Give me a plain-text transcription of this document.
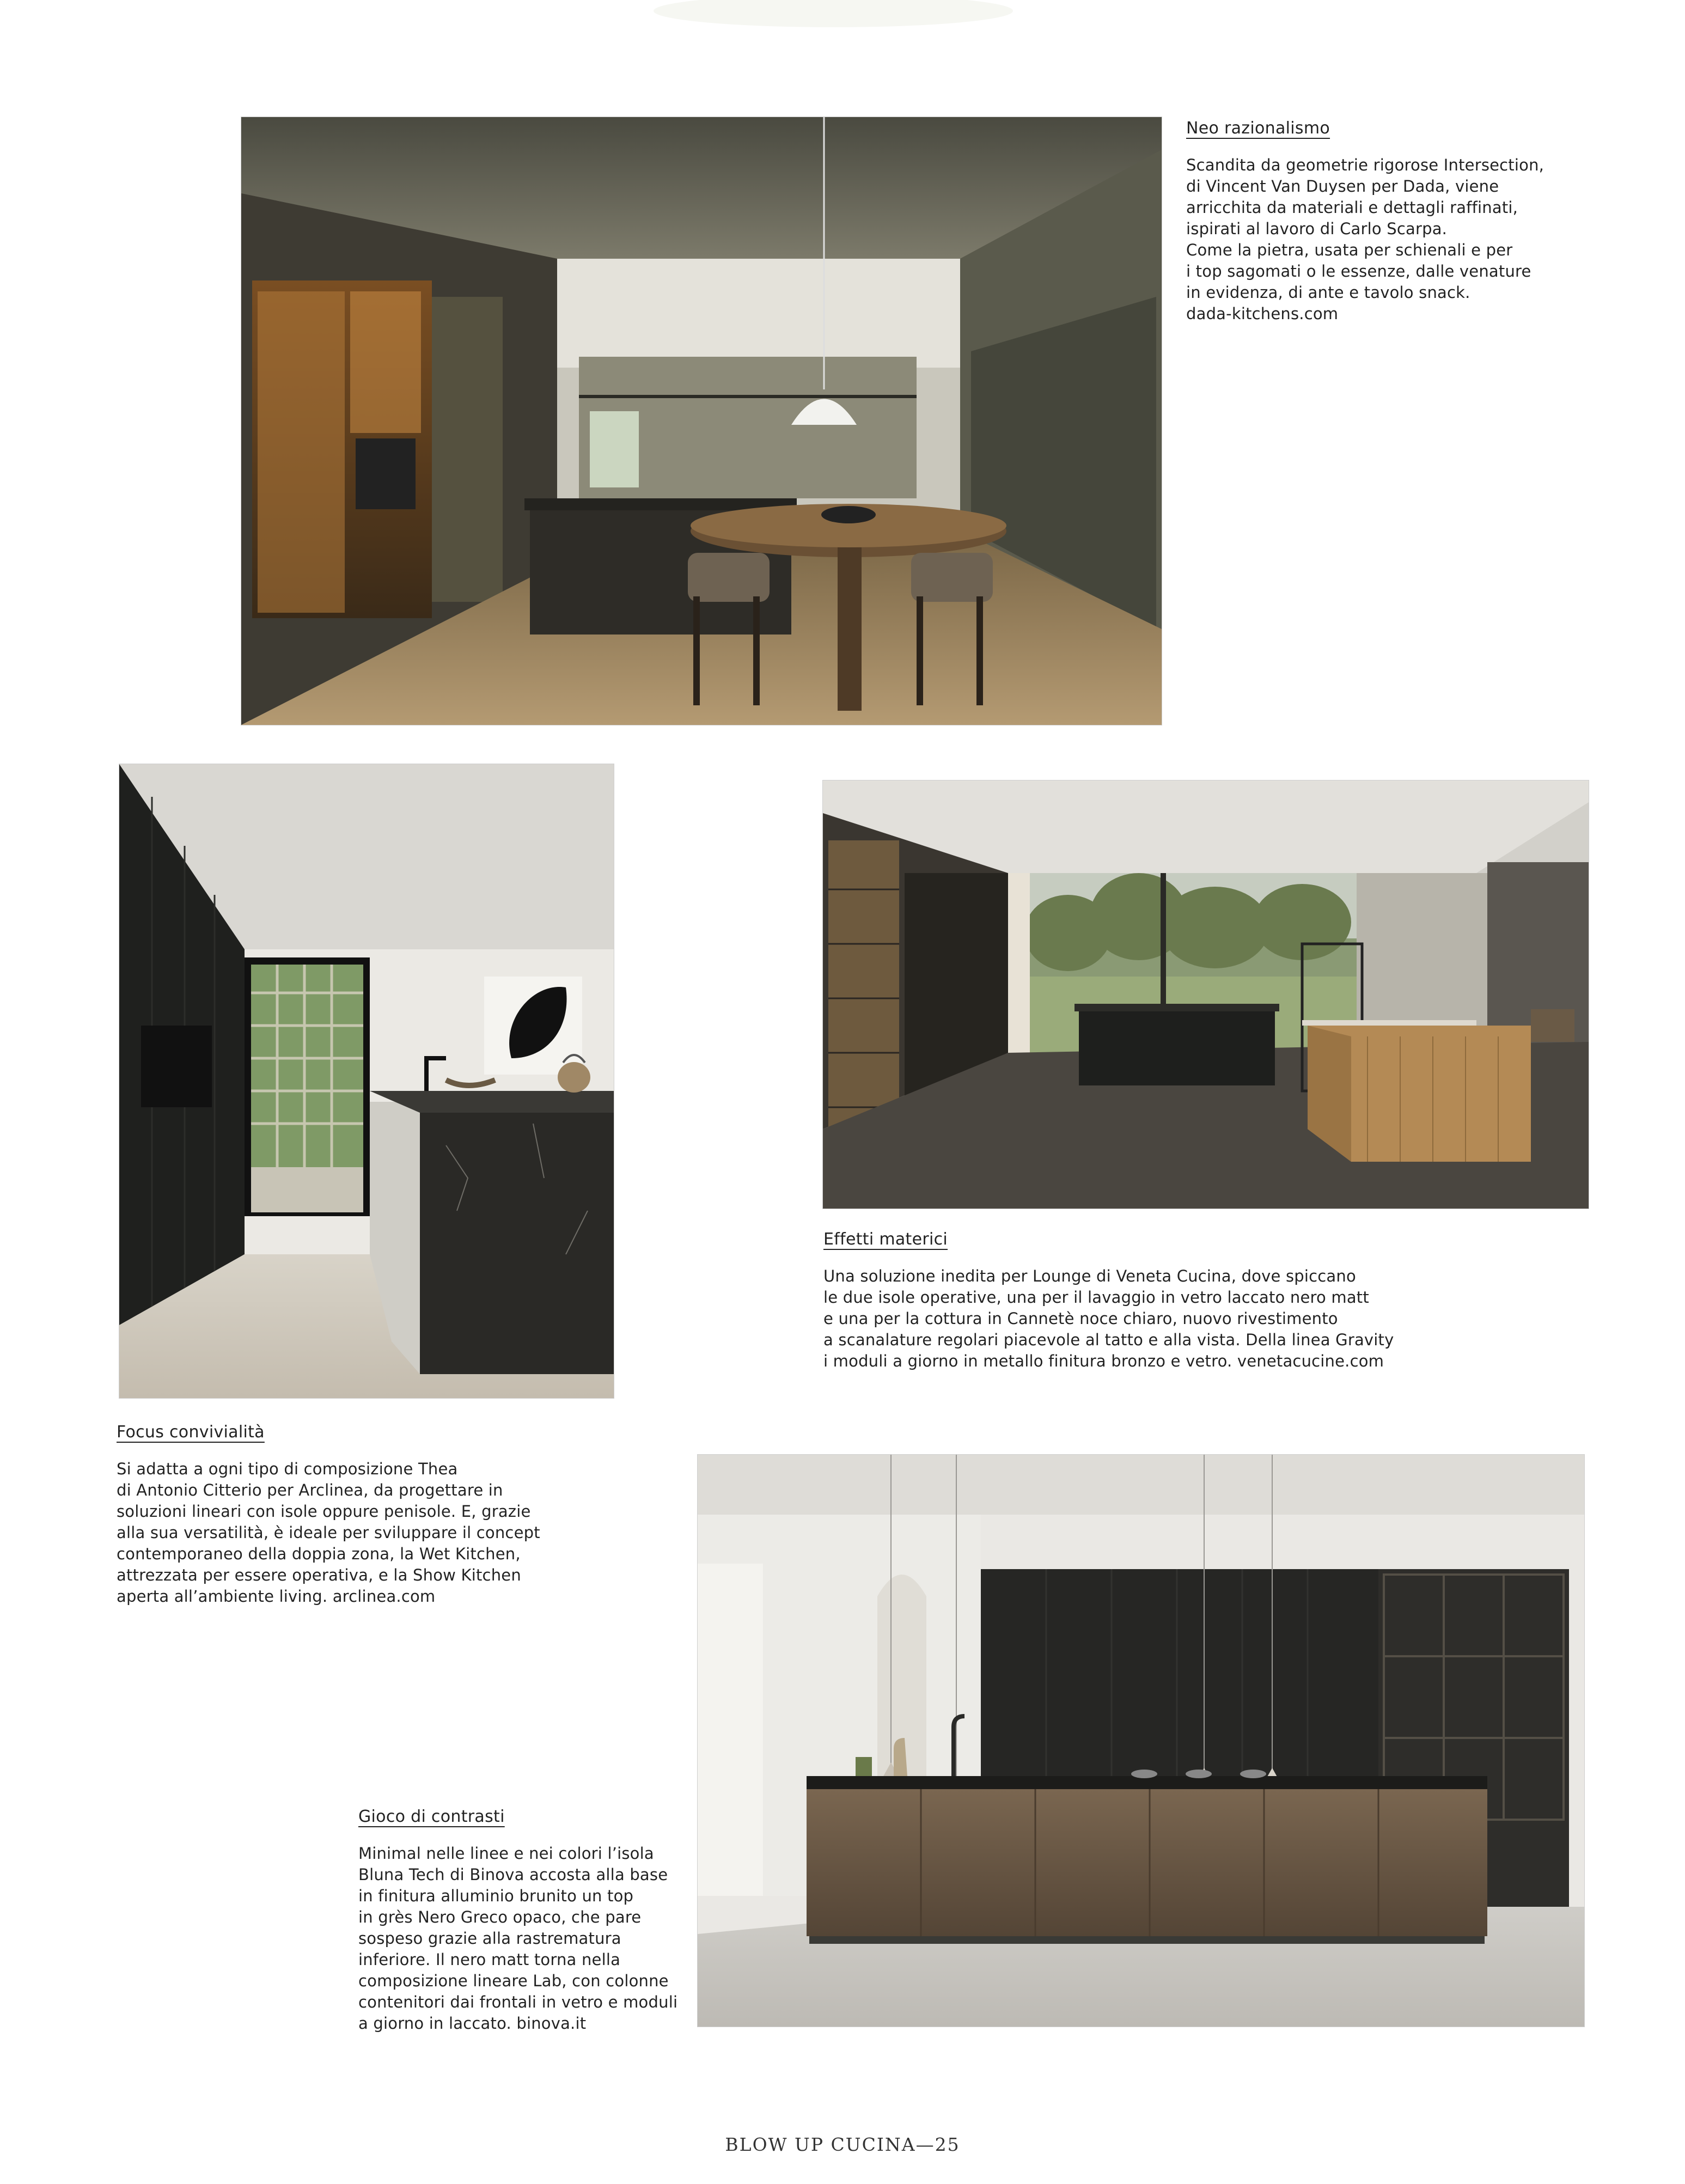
Neo razionalismo

Scandita da geometrie rigorose Intersection,

di Vincent Van Duysen per Dada, viene

arricchita da materiali e dettagli raffinati,

ispirati al lavoro di Carlo Scarpa.

Come la pietra, usata per schienali e per

i top sagomati o le essenze, dalle venature

in evidenza, di ante e tavolo snack.

dada-kitchens.com

Effetti materici

Una soluzione inedita per Lounge di Veneta Cucina, dove spiccano

le due isole operative, una per il lavaggio in vetro laccato nero matt

e una per la cottura in Cannetè noce chiaro, nuovo rivestimento

a scanalature regolari piacevole al tatto e alla vista. Della linea Gravity

i moduli a giorno in metallo finitura bronzo e vetro. venetacucine.com

Focus convivialità

Si adatta a ogni tipo di composizione Thea

di Antonio Citterio per Arclinea, da progettare in

soluzioni lineari con isole oppure penisole. E, grazie

alla sua versatilità, è ideale per sviluppare il concept

contemporaneo della doppia zona, la Wet Kitchen,

attrezzata per essere operativa, e la Show Kitchen

aperta all’ambiente living. arclinea.com

Gioco di contrasti

Minimal nelle linee e nei colori l’isola

Bluna Tech di Binova accosta alla base

in finitura alluminio brunito un top

in grès Nero Greco opaco, che pare

sospeso grazie alla rastrematura

inferiore. Il nero matt torna nella

composizione lineare Lab, con colonne

contenitori dai frontali in vetro e moduli

a giorno in laccato. binova.it

BLOW UP CUCINA—25
